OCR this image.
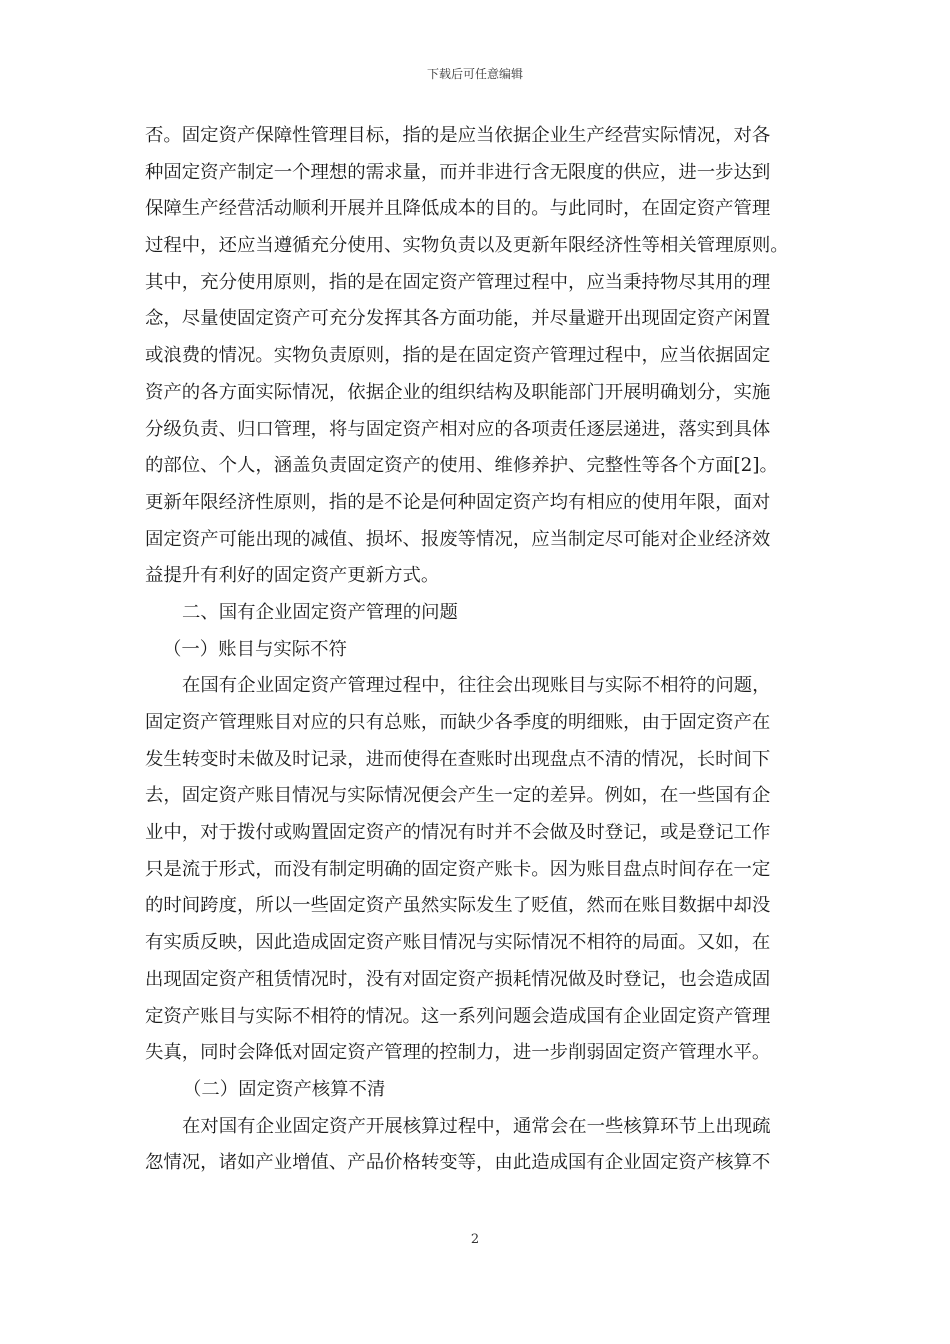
下载后可任意编辑
否。固定资产保障性管理目标，指的是应当依据企业生产经营实际情况，对各
种固定资产制定一个理想的需求量，而并非进行含无限度的供应，进一步达到
保障生产经营活动顺利开展并且降低成本的目的。与此同时，在固定资产管理
过程中，还应当遵循充分使用、实物负责以及更新年限经济性等相关管理原则。
其中，充分使用原则，指的是在固定资产管理过程中，应当秉持物尽其用的理
念，尽量使固定资产可充分发挥其各方面功能，并尽量避开出现固定资产闲置
或浪费的情况。实物负责原则，指的是在固定资产管理过程中，应当依据固定
资产的各方面实际情况，依据企业的组织结构及职能部门开展明确划分，实施
分级负责、归口管理，将与固定资产相对应的各项责任逐层递进，落实到具体
的部位、个人，涵盖负责固定资产的使用、维修养护、完整性等各个方面[2]。
更新年限经济性原则，指的是不论是何种固定资产均有相应的使用年限，面对
固定资产可能出现的减值、损坏、报废等情况，应当制定尽可能对企业经济效
益提升有利好的固定资产更新方式。
二、国有企业固定资产管理的问题
（一）账目与实际不符
在国有企业固定资产管理过程中，往往会出现账目与实际不相符的问题，
固定资产管理账目对应的只有总账，而缺少各季度的明细账，由于固定资产在
发生转变时未做及时记录，进而使得在查账时出现盘点不清的情况，长时间下
去，固定资产账目情况与实际情况便会产生一定的差异。例如，在一些国有企
业中，对于拨付或购置固定资产的情况有时并不会做及时登记，或是登记工作
只是流于形式，而没有制定明确的固定资产账卡。因为账目盘点时间存在一定
的时间跨度，所以一些固定资产虽然实际发生了贬值，然而在账目数据中却没
有实质反映，因此造成固定资产账目情况与实际情况不相符的局面。又如，在
出现固定资产租赁情况时，没有对固定资产损耗情况做及时登记，也会造成固
定资产账目与实际不相符的情况。这一系列问题会造成国有企业固定资产管理
失真，同时会降低对固定资产管理的控制力，进一步削弱固定资产管理水平。
（二）固定资产核算不清
在对国有企业固定资产开展核算过程中，通常会在一些核算环节上出现疏
忽情况，诸如产业增值、产品价格转变等，由此造成国有企业固定资产核算不
2
